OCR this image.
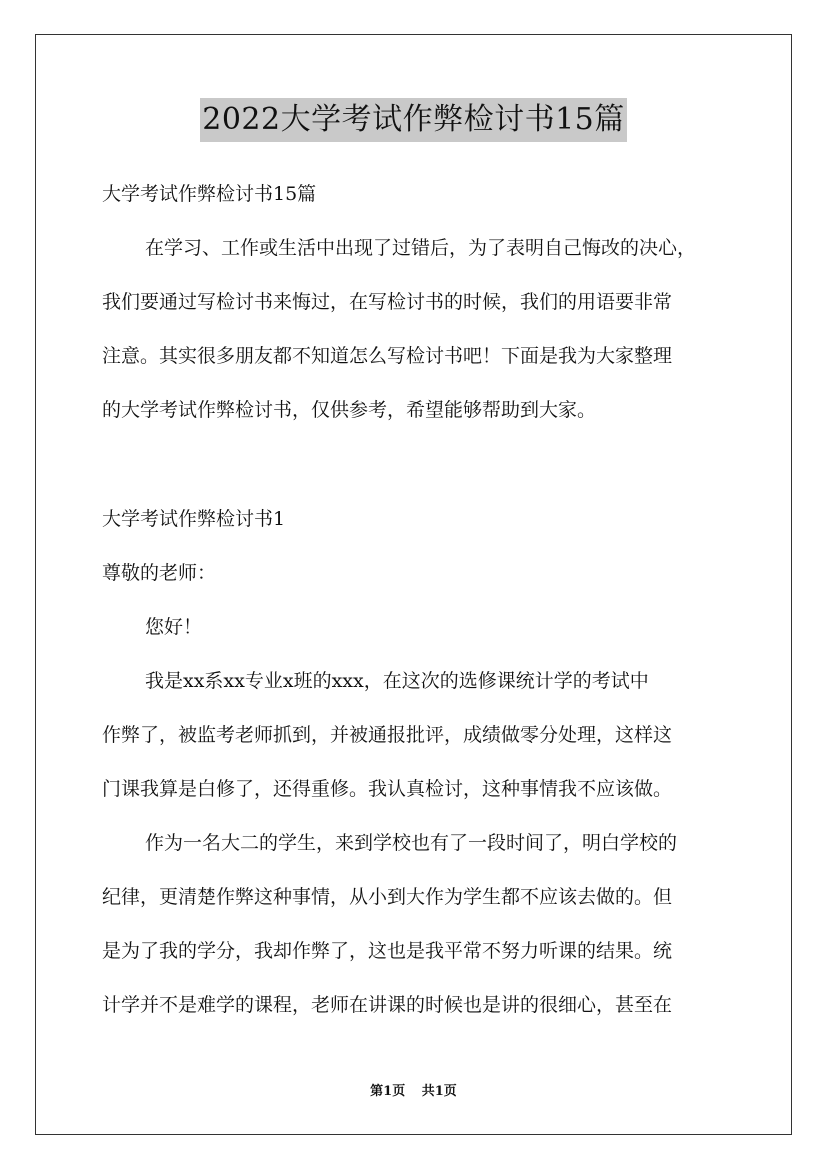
2022大学考试作弊检讨书15篇
大学考试作弊检讨书15篇
在学习、工作或生活中出现了过错后，为了表明自己悔改的决心，
我们要通过写检讨书来悔过，在写检讨书的时候，我们的用语要非常
注意。其实很多朋友都不知道怎么写检讨书吧！下面是我为大家整理
的大学考试作弊检讨书，仅供参考，希望能够帮助到大家。
大学考试作弊检讨书1
尊敬的老师：
您好！
我是xx系xx专业x班的xxx，在这次的选修课统计学的考试中
作弊了，被监考老师抓到，并被通报批评，成绩做零分处理，这样这
门课我算是白修了，还得重修。我认真检讨，这种事情我不应该做。
作为一名大二的学生，来到学校也有了一段时间了，明白学校的
纪律，更清楚作弊这种事情，从小到大作为学生都不应该去做的。但
是为了我的学分，我却作弊了，这也是我平常不努力听课的结果。统
计学并不是难学的课程，老师在讲课的时候也是讲的很细心，甚至在
第1页 共1页
